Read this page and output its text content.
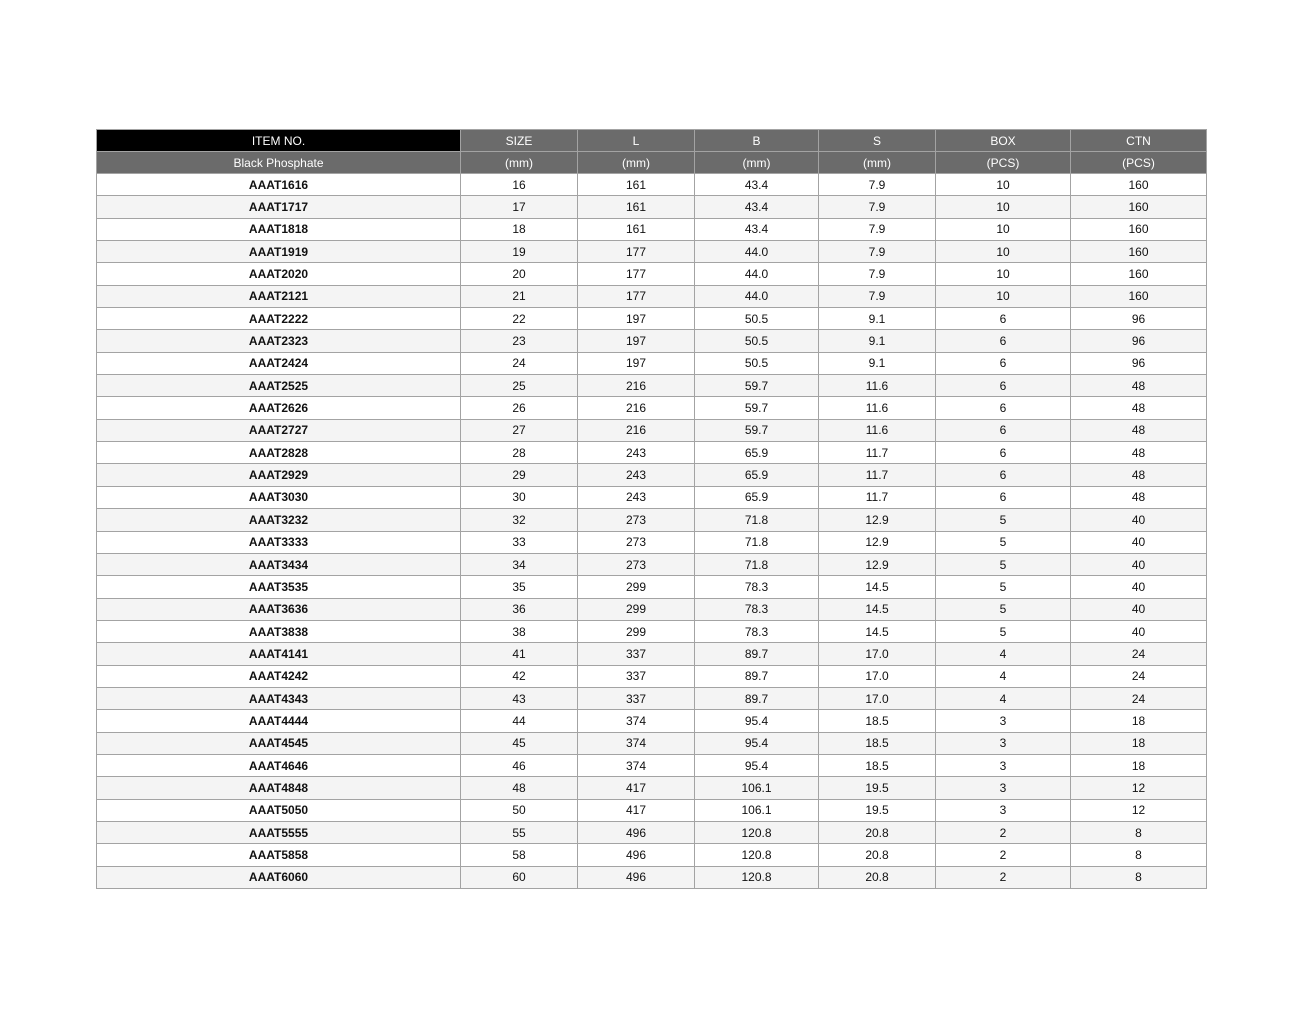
ITEM NO.	SIZE	L	B	S	BOX	CTN
Black Phosphate	(mm)	(mm)	(mm)	(mm)	(PCS)	(PCS)
AAAT1616	16	161	43.4	7.9	10	160
AAAT1717	17	161	43.4	7.9	10	160
AAAT1818	18	161	43.4	7.9	10	160
AAAT1919	19	177	44.0	7.9	10	160
AAAT2020	20	177	44.0	7.9	10	160
AAAT2121	21	177	44.0	7.9	10	160
AAAT2222	22	197	50.5	9.1	6	96
AAAT2323	23	197	50.5	9.1	6	96
AAAT2424	24	197	50.5	9.1	6	96
AAAT2525	25	216	59.7	11.6	6	48
AAAT2626	26	216	59.7	11.6	6	48
AAAT2727	27	216	59.7	11.6	6	48
AAAT2828	28	243	65.9	11.7	6	48
AAAT2929	29	243	65.9	11.7	6	48
AAAT3030	30	243	65.9	11.7	6	48
AAAT3232	32	273	71.8	12.9	5	40
AAAT3333	33	273	71.8	12.9	5	40
AAAT3434	34	273	71.8	12.9	5	40
AAAT3535	35	299	78.3	14.5	5	40
AAAT3636	36	299	78.3	14.5	5	40
AAAT3838	38	299	78.3	14.5	5	40
AAAT4141	41	337	89.7	17.0	4	24
AAAT4242	42	337	89.7	17.0	4	24
AAAT4343	43	337	89.7	17.0	4	24
AAAT4444	44	374	95.4	18.5	3	18
AAAT4545	45	374	95.4	18.5	3	18
AAAT4646	46	374	95.4	18.5	3	18
AAAT4848	48	417	106.1	19.5	3	12
AAAT5050	50	417	106.1	19.5	3	12
AAAT5555	55	496	120.8	20.8	2	8
AAAT5858	58	496	120.8	20.8	2	8
AAAT6060	60	496	120.8	20.8	2	8
